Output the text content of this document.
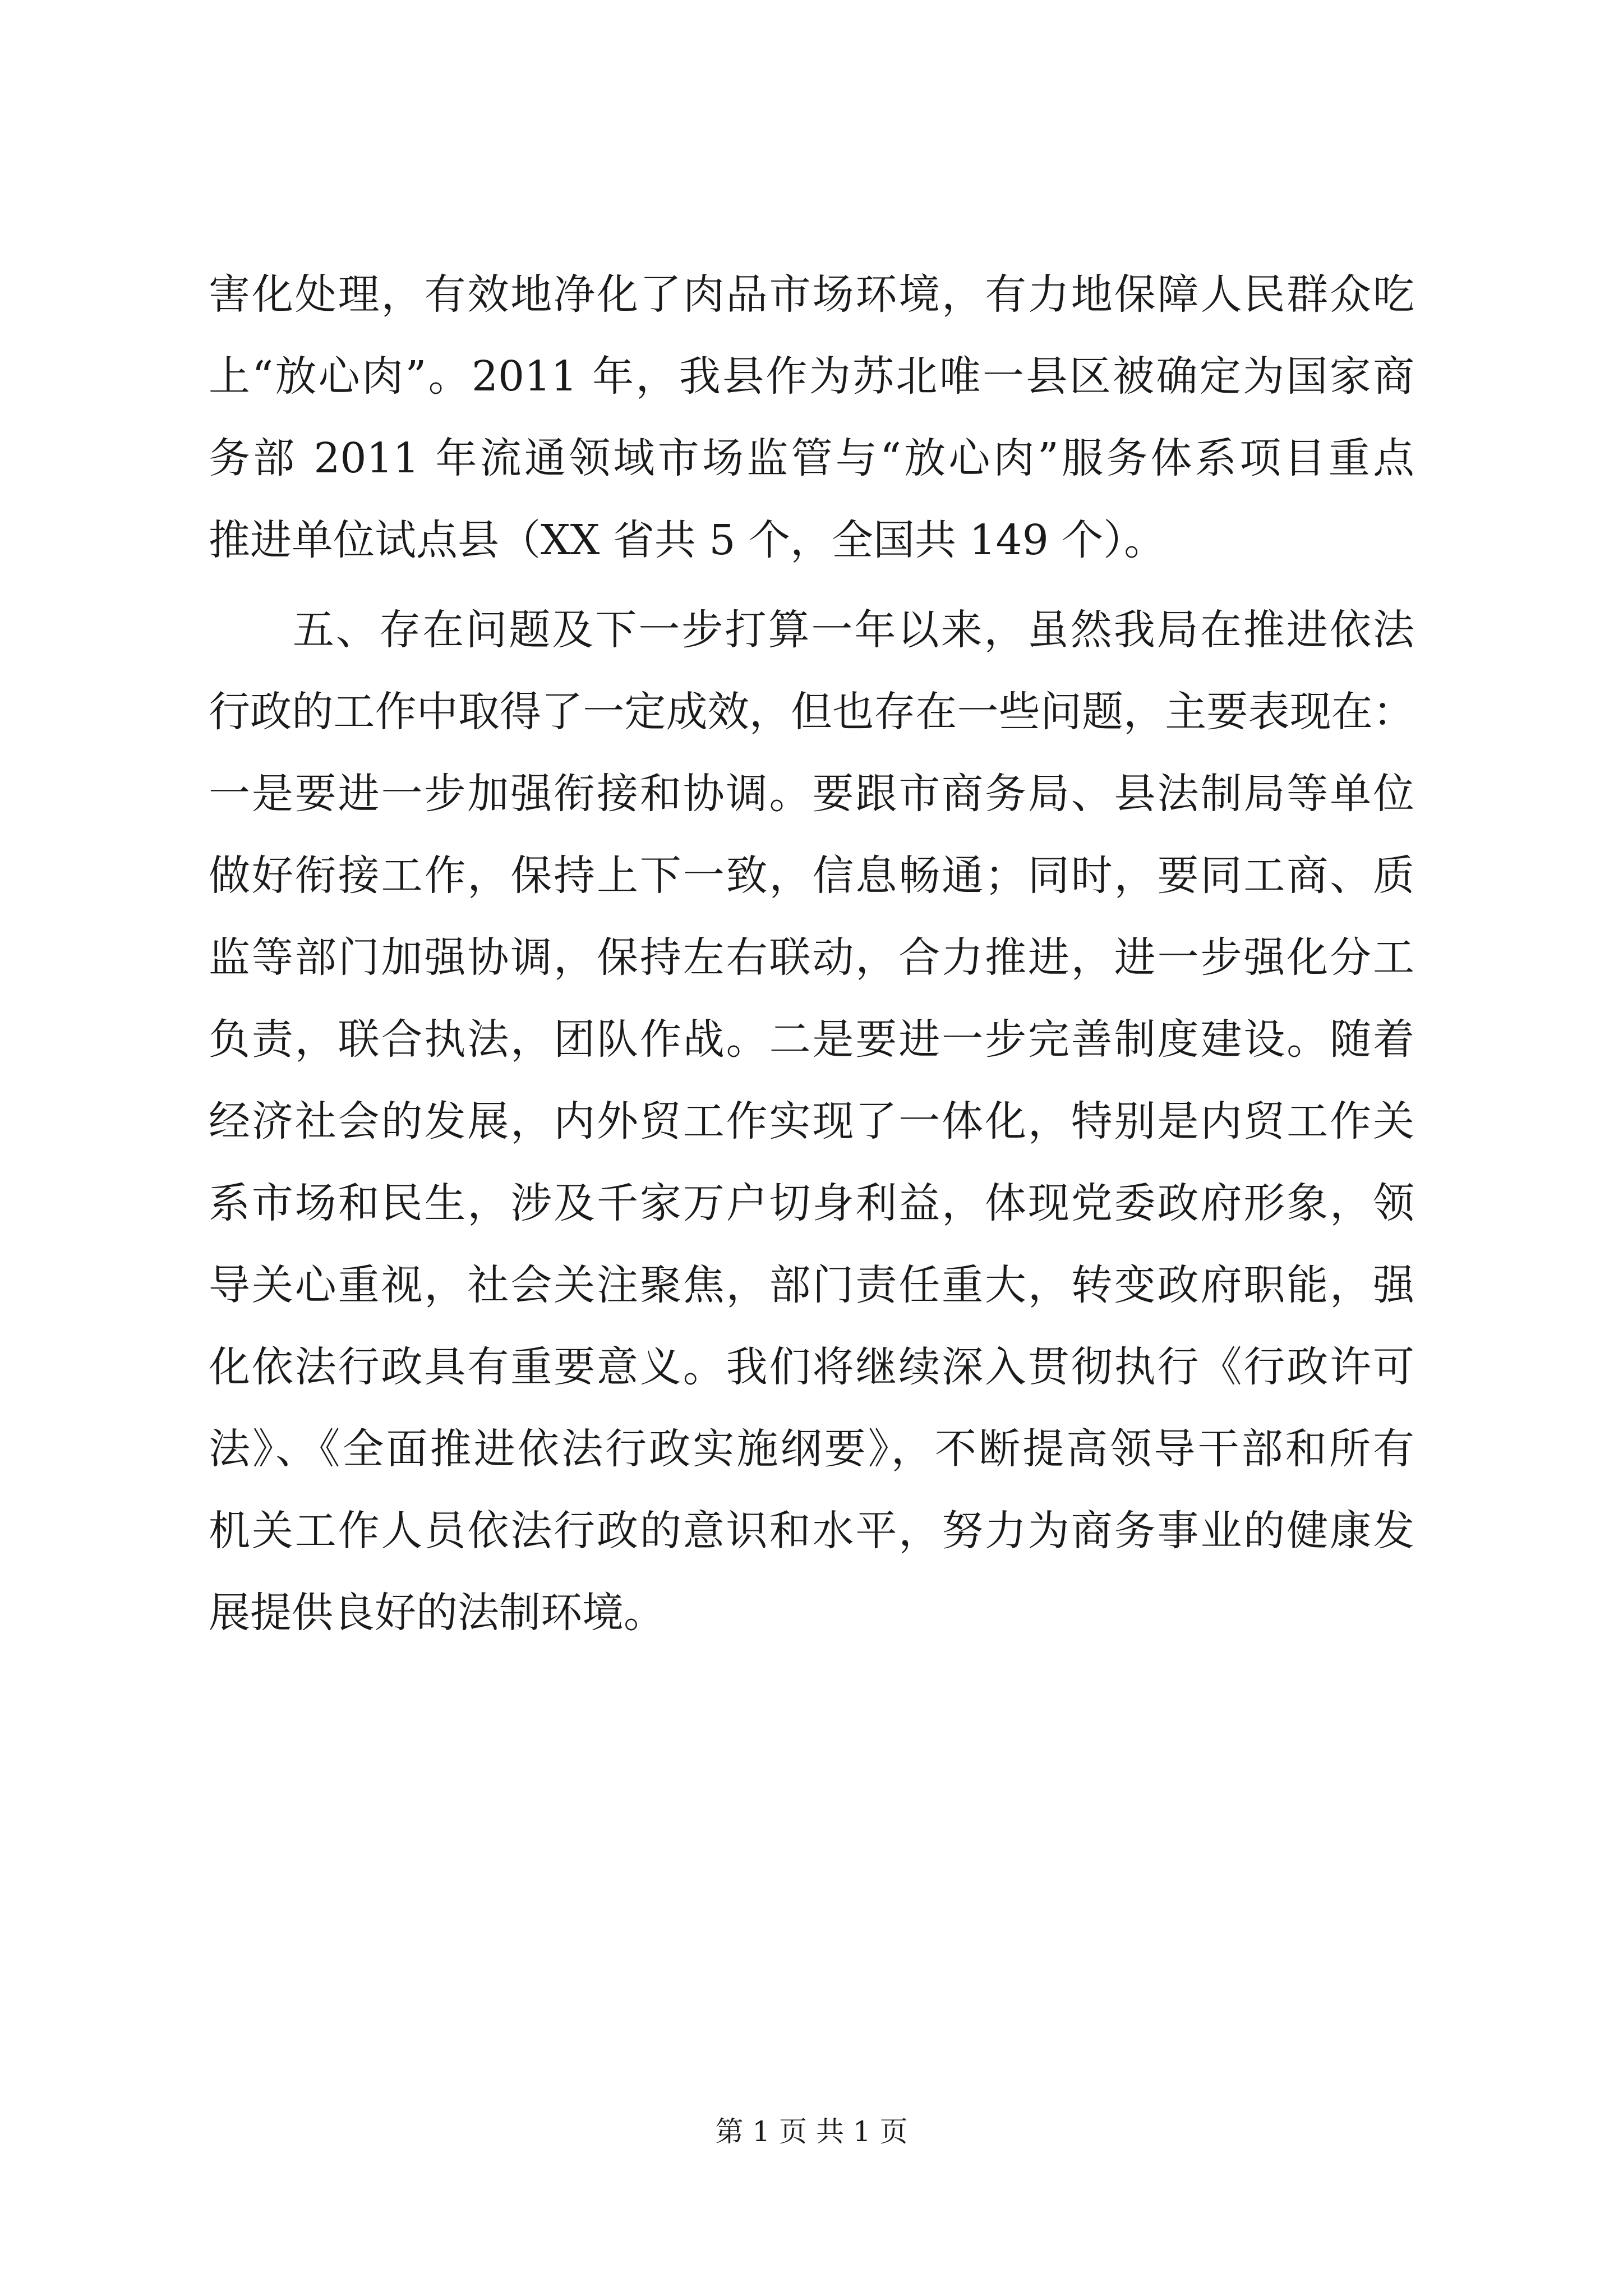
害化处理，有效地净化了肉品市场环境，有力地保障人民群众吃
上“放心肉”。2011 年，我县作为苏北唯一县区被确定为国家商
务部 2011 年流通领域市场监管与“放心肉”服务体系项目重点
推进单位试点县（XX 省共 5 个，全国共 149 个）。
五、存在问题及下一步打算一年以来，虽然我局在推进依法
行政的工作中取得了一定成效，但也存在一些问题，主要表现在：
一是要进一步加强衔接和协调。要跟市商务局、县法制局等单位
做好衔接工作，保持上下一致，信息畅通；同时，要同工商、质
监等部门加强协调，保持左右联动，合力推进，进一步强化分工
负责，联合执法，团队作战。二是要进一步完善制度建设。随着
经济社会的发展，内外贸工作实现了一体化，特别是内贸工作关
系市场和民生，涉及千家万户切身利益，体现党委政府形象，领
导关心重视，社会关注聚焦，部门责任重大，转变政府职能，强
化依法行政具有重要意义。我们将继续深入贯彻执行《行政许可
法》、《全面推进依法行政实施纲要》，不断提高领导干部和所有
机关工作人员依法行政的意识和水平，努力为商务事业的健康发
展提供良好的法制环境。
第 1 页 共 1 页
